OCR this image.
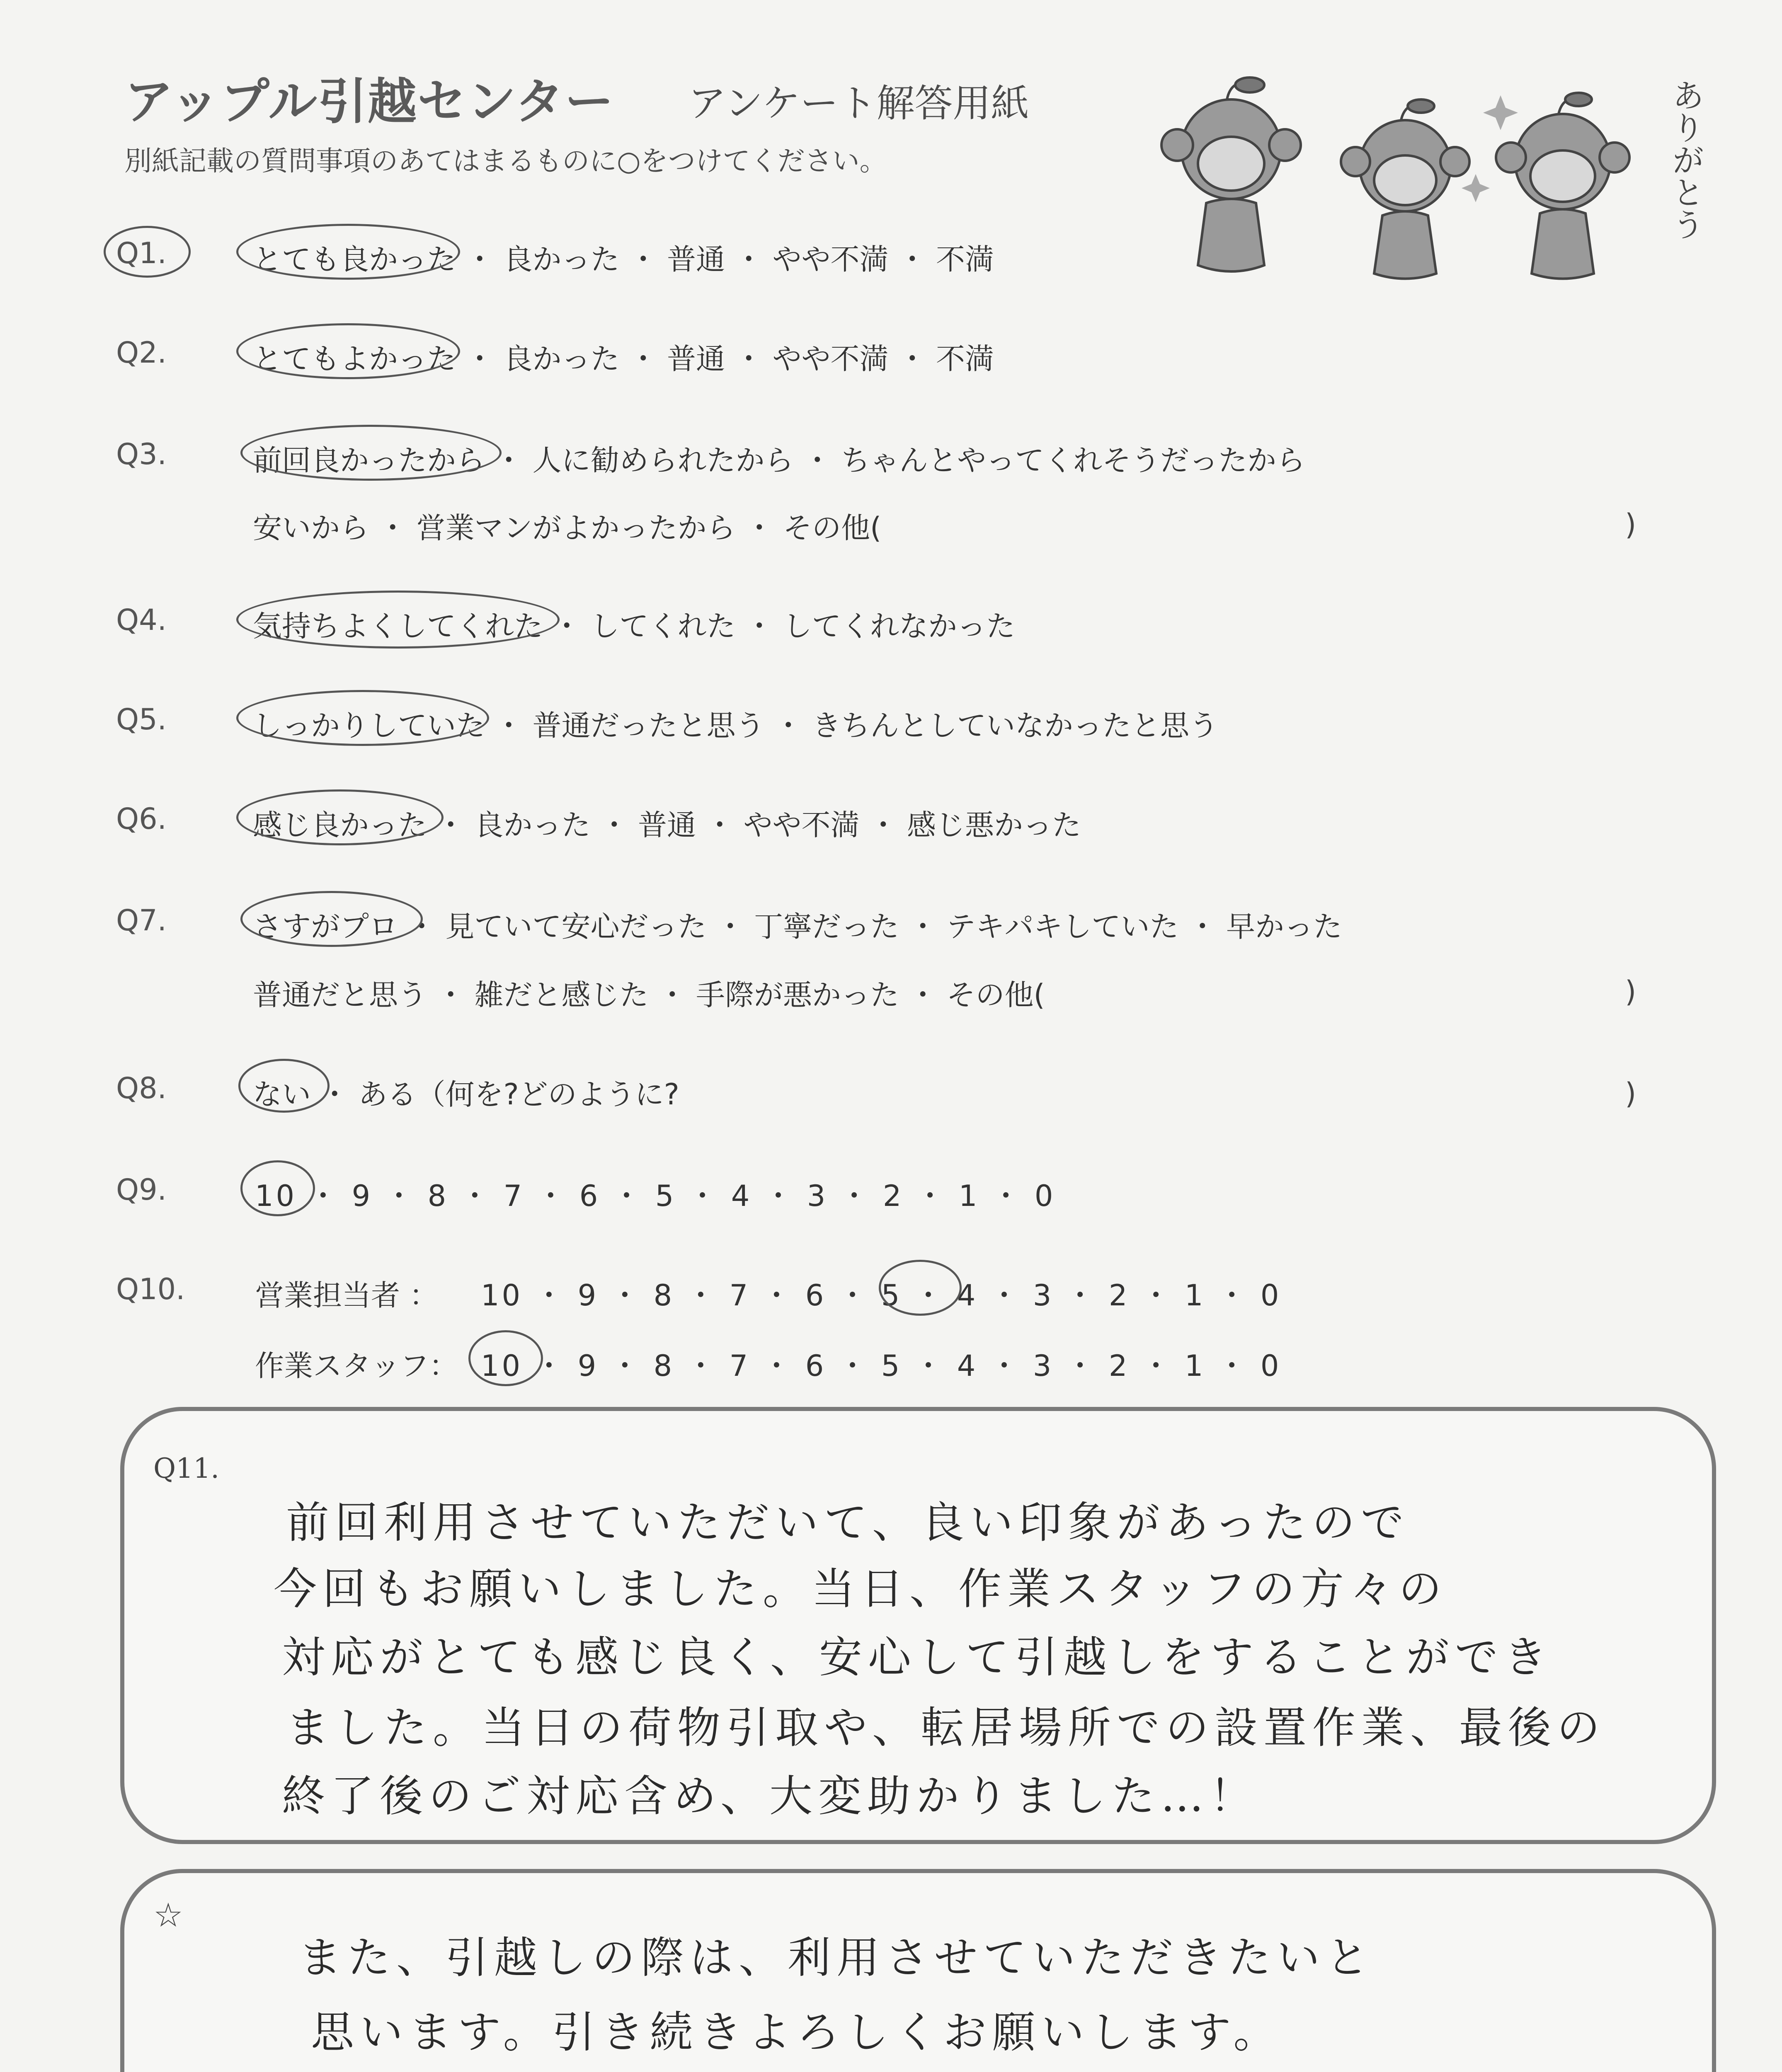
アップル引越センター アンケート解答用紙
別紙記載の質問事項のあてはまるものに○をつけてください。	ありがとう
Q1.	とても良かった ・ 良かった ・ 普通 ・ やや不満 ・ 不満
Q2.	とてもよかった ・ 良かった ・ 普通 ・ やや不満 ・ 不満
Q3.	前回良かったから ・ 人に勧められたから ・ ちゃんとやってくれそうだったから
安いから ・ 営業マンがよかったから ・ その他(	)
Q4.	気持ちよくしてくれた ・ してくれた ・ してくれなかった
Q5.	しっかりしていた ・ 普通だったと思う ・ きちんとしていなかったと思う
Q6.	感じ良かった ・ 良かった ・ 普通 ・ やや不満 ・ 感じ悪かった
Q7.	さすがプロ ・ 見ていて安心だった ・ 丁寧だった ・ テキパキしていた ・ 早かった
普通だと思う ・ 雑だと感じた ・ 手際が悪かった ・ その他(	)
Q8.	ない ・ ある（何を?どのように?	)
Q9.	10 ・ 9 ・ 8 ・ 7 ・ 6 ・ 5 ・ 4 ・ 3 ・ 2 ・ 1 ・ 0
Q10. 営業担当者 ： 10 ・ 9 ・ 8 ・ 7 ・ 6 ・ 5 ・ 4 ・ 3 ・ 2 ・ 1 ・ 0
作業スタッフ： 10 ・ 9 ・ 8 ・ 7 ・ 6 ・ 5 ・ 4 ・ 3 ・ 2 ・ 1 ・ 0
Q11.
前回利用させていただいて、良い印象があったので
今回もお願いしました。当日、作業スタッフの方々の
対応がとても感じ良く、安心して引越しをすることができ
ました。当日の荷物引取や、転居場所での設置作業、最後の
終了後のご対応含め、大変助かりました…！
☆
また、引越しの際は、利用させていただきたいと
思います。引き続きよろしくお願いします。
